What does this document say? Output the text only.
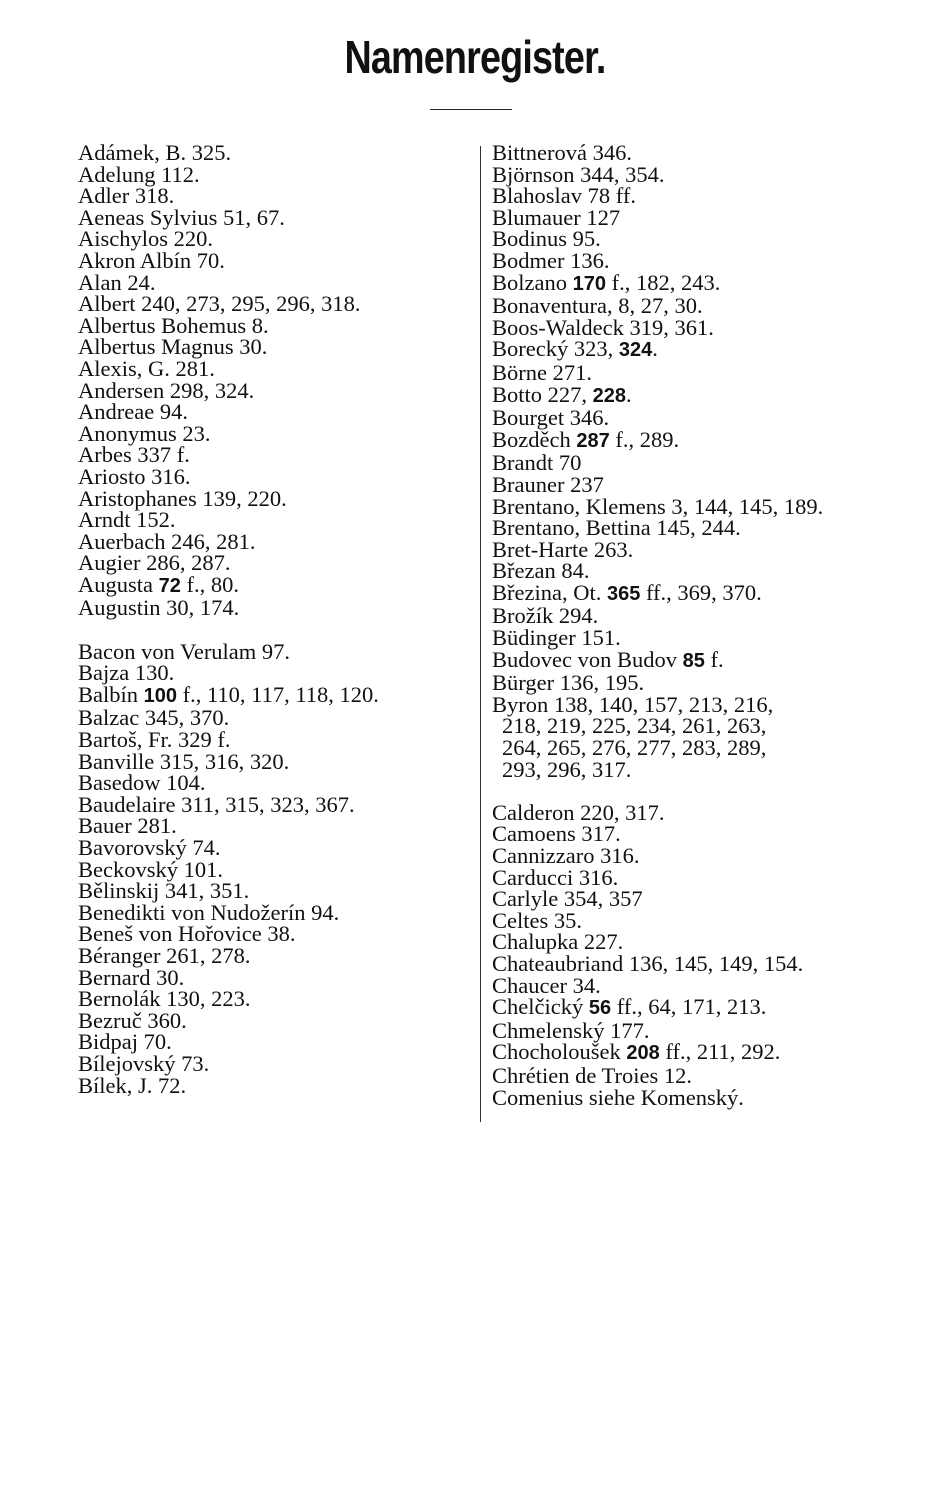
Namenregister.
Adámek, B. 325.
Adelung 112.
Adler 318.
Aeneas Sylvius 51, 67.
Aischylos 220.
Akron Albín 70.
Alan 24.
Albert 240, 273, 295, 296, 318.
Albertus Bohemus 8.
Albertus Magnus 30.
Alexis, G. 281.
Andersen 298, 324.
Andreae 94.
Anonymus 23.
Arbes 337 f.
Ariosto 316.
Aristophanes 139, 220.
Arndt 152.
Auerbach 246, 281.
Augier 286, 287.
Augusta 72 f., 80.
Augustin 30, 174.
Bacon von Verulam 97.
Bajza 130.
Balbín 100 f., 110, 117, 118, 120.
Balzac 345, 370.
Bartoš, Fr. 329 f.
Banville 315, 316, 320.
Basedow 104.
Baudelaire 311, 315, 323, 367.
Bauer 281.
Bavorovský 74.
Beckovský 101.
Bělinskij 341, 351.
Benedikti von Nudožerín 94.
Beneš von Hořovice 38.
Béranger 261, 278.
Bernard 30.
Bernolák 130, 223.
Bezruč 360.
Bidpaj 70.
Bílejovský 73.
Bílek, J. 72.
Bittnerová 346.
Björnson 344, 354.
Blahoslav 78 ff.
Blumauer 127
Bodinus 95.
Bodmer 136.
Bolzano 170 f., 182, 243.
Bonaventura, 8, 27, 30.
Boos-Waldeck 319, 361.
Borecký 323, 324.
Börne 271.
Botto 227, 228.
Bourget 346.
Bozděch 287 f., 289.
Brandt 70
Brauner 237
Brentano, Klemens 3, 144, 145, 189.
Brentano, Bettina 145, 244.
Bret-Harte 263.
Březan 84.
Březina, Ot. 365 ff., 369, 370.
Brožík 294.
Büdinger 151.
Budovec von Budov 85 f.
Bürger 136, 195.
Byron 138, 140, 157, 213, 216,
218, 219, 225, 234, 261, 263,
264, 265, 276, 277, 283, 289,
293, 296, 317.
Calderon 220, 317.
Camoens 317.
Cannizzaro 316.
Carducci 316.
Carlyle 354, 357
Celtes 35.
Chalupka 227.
Chateaubriand 136, 145, 149, 154.
Chaucer 34.
Chelčický 56 ff., 64, 171, 213.
Chmelenský 177.
Chocholoušek 208 ff., 211, 292.
Chrétien de Troies 12.
Comenius siehe Komenský.
